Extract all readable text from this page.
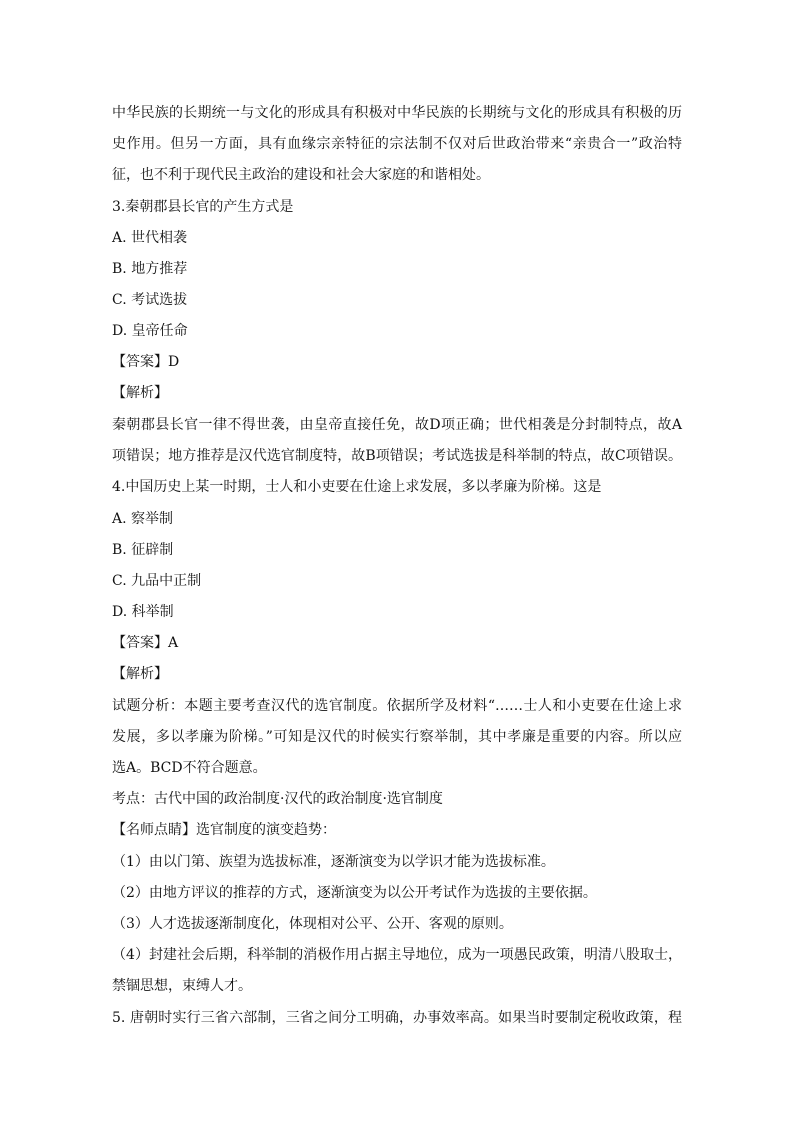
中华民族的长期统一与文化的形成具有积极对中华民族的长期统与文化的形成具有积极的历
史作用。但另一方面，具有血缘宗亲特征的宗法制不仅对后世政治带来“亲贵合一”政治特
征，也不利于现代民主政治的建设和社会大家庭的和谐相处。
3.秦朝郡县长官的产生方式是
A. 世代相袭
B. 地方推荐
C. 考试选拔
D. 皇帝任命
【答案】D
【解析】
秦朝郡县长官一律不得世袭，由皇帝直接任免，故D项正确；世代相袭是分封制特点，故A
项错误；地方推荐是汉代选官制度特，故B项错误；考试选拔是科举制的特点，故C项错误。
4.中国历史上某一时期，士人和小吏要在仕途上求发展，多以孝廉为阶梯。这是
A. 察举制
B. 征辟制
C. 九品中正制
D. 科举制
【答案】A
【解析】
试题分析：本题主要考查汉代的选官制度。依据所学及材料“……士人和小吏要在仕途上求
发展，多以孝廉为阶梯。”可知是汉代的时候实行察举制，其中孝廉是重要的内容。所以应
选A。BCD不符合题意。
考点：古代中国的政治制度·汉代的政治制度·选官制度
【名师点睛】选官制度的演变趋势：
（1）由以门第、族望为选拔标准，逐渐演变为以学识才能为选拔标准。
（2）由地方评议的推荐的方式，逐渐演变为以公开考试作为选拔的主要依据。
（3）人才选拔逐渐制度化，体现相对公平、公开、客观的原则。
（4）封建社会后期，科举制的消极作用占据主导地位，成为一项愚民政策，明清八股取士，
禁锢思想，束缚人才。
5. 唐朝时实行三省六部制，三省之间分工明确，办事效率高。如果当时要制定税收政策，程
